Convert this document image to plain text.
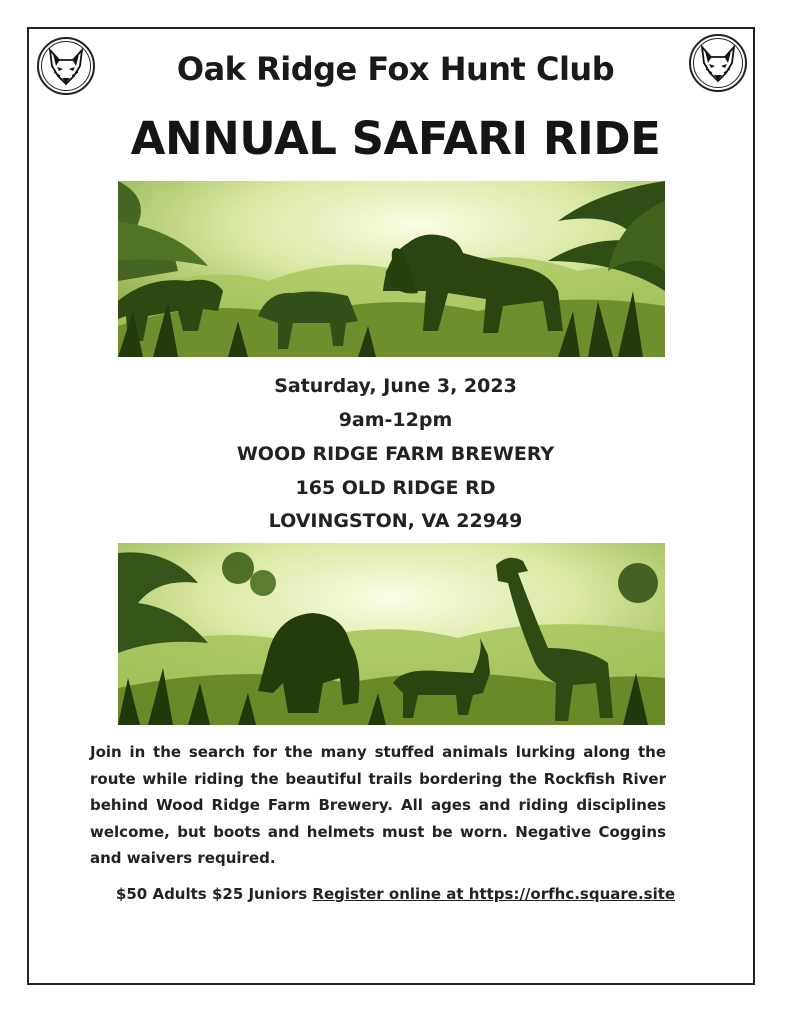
Oak Ridge Fox Hunt Club
ANNUAL SAFARI RIDE
Saturday, June 3, 2023
9am-12pm
WOOD RIDGE FARM BREWERY
165 OLD RIDGE RD
LOVINGSTON, VA 22949
Join in the search for the many stuffed animals lurking along the route while riding the beautiful trails bordering the Rockfish River behind Wood Ridge Farm Brewery. All ages and riding disciplines welcome, but boots and helmets must be worn. Negative Coggins and waivers required.
$50 Adults $25 Juniors Register online at https://orfhc.square.site
